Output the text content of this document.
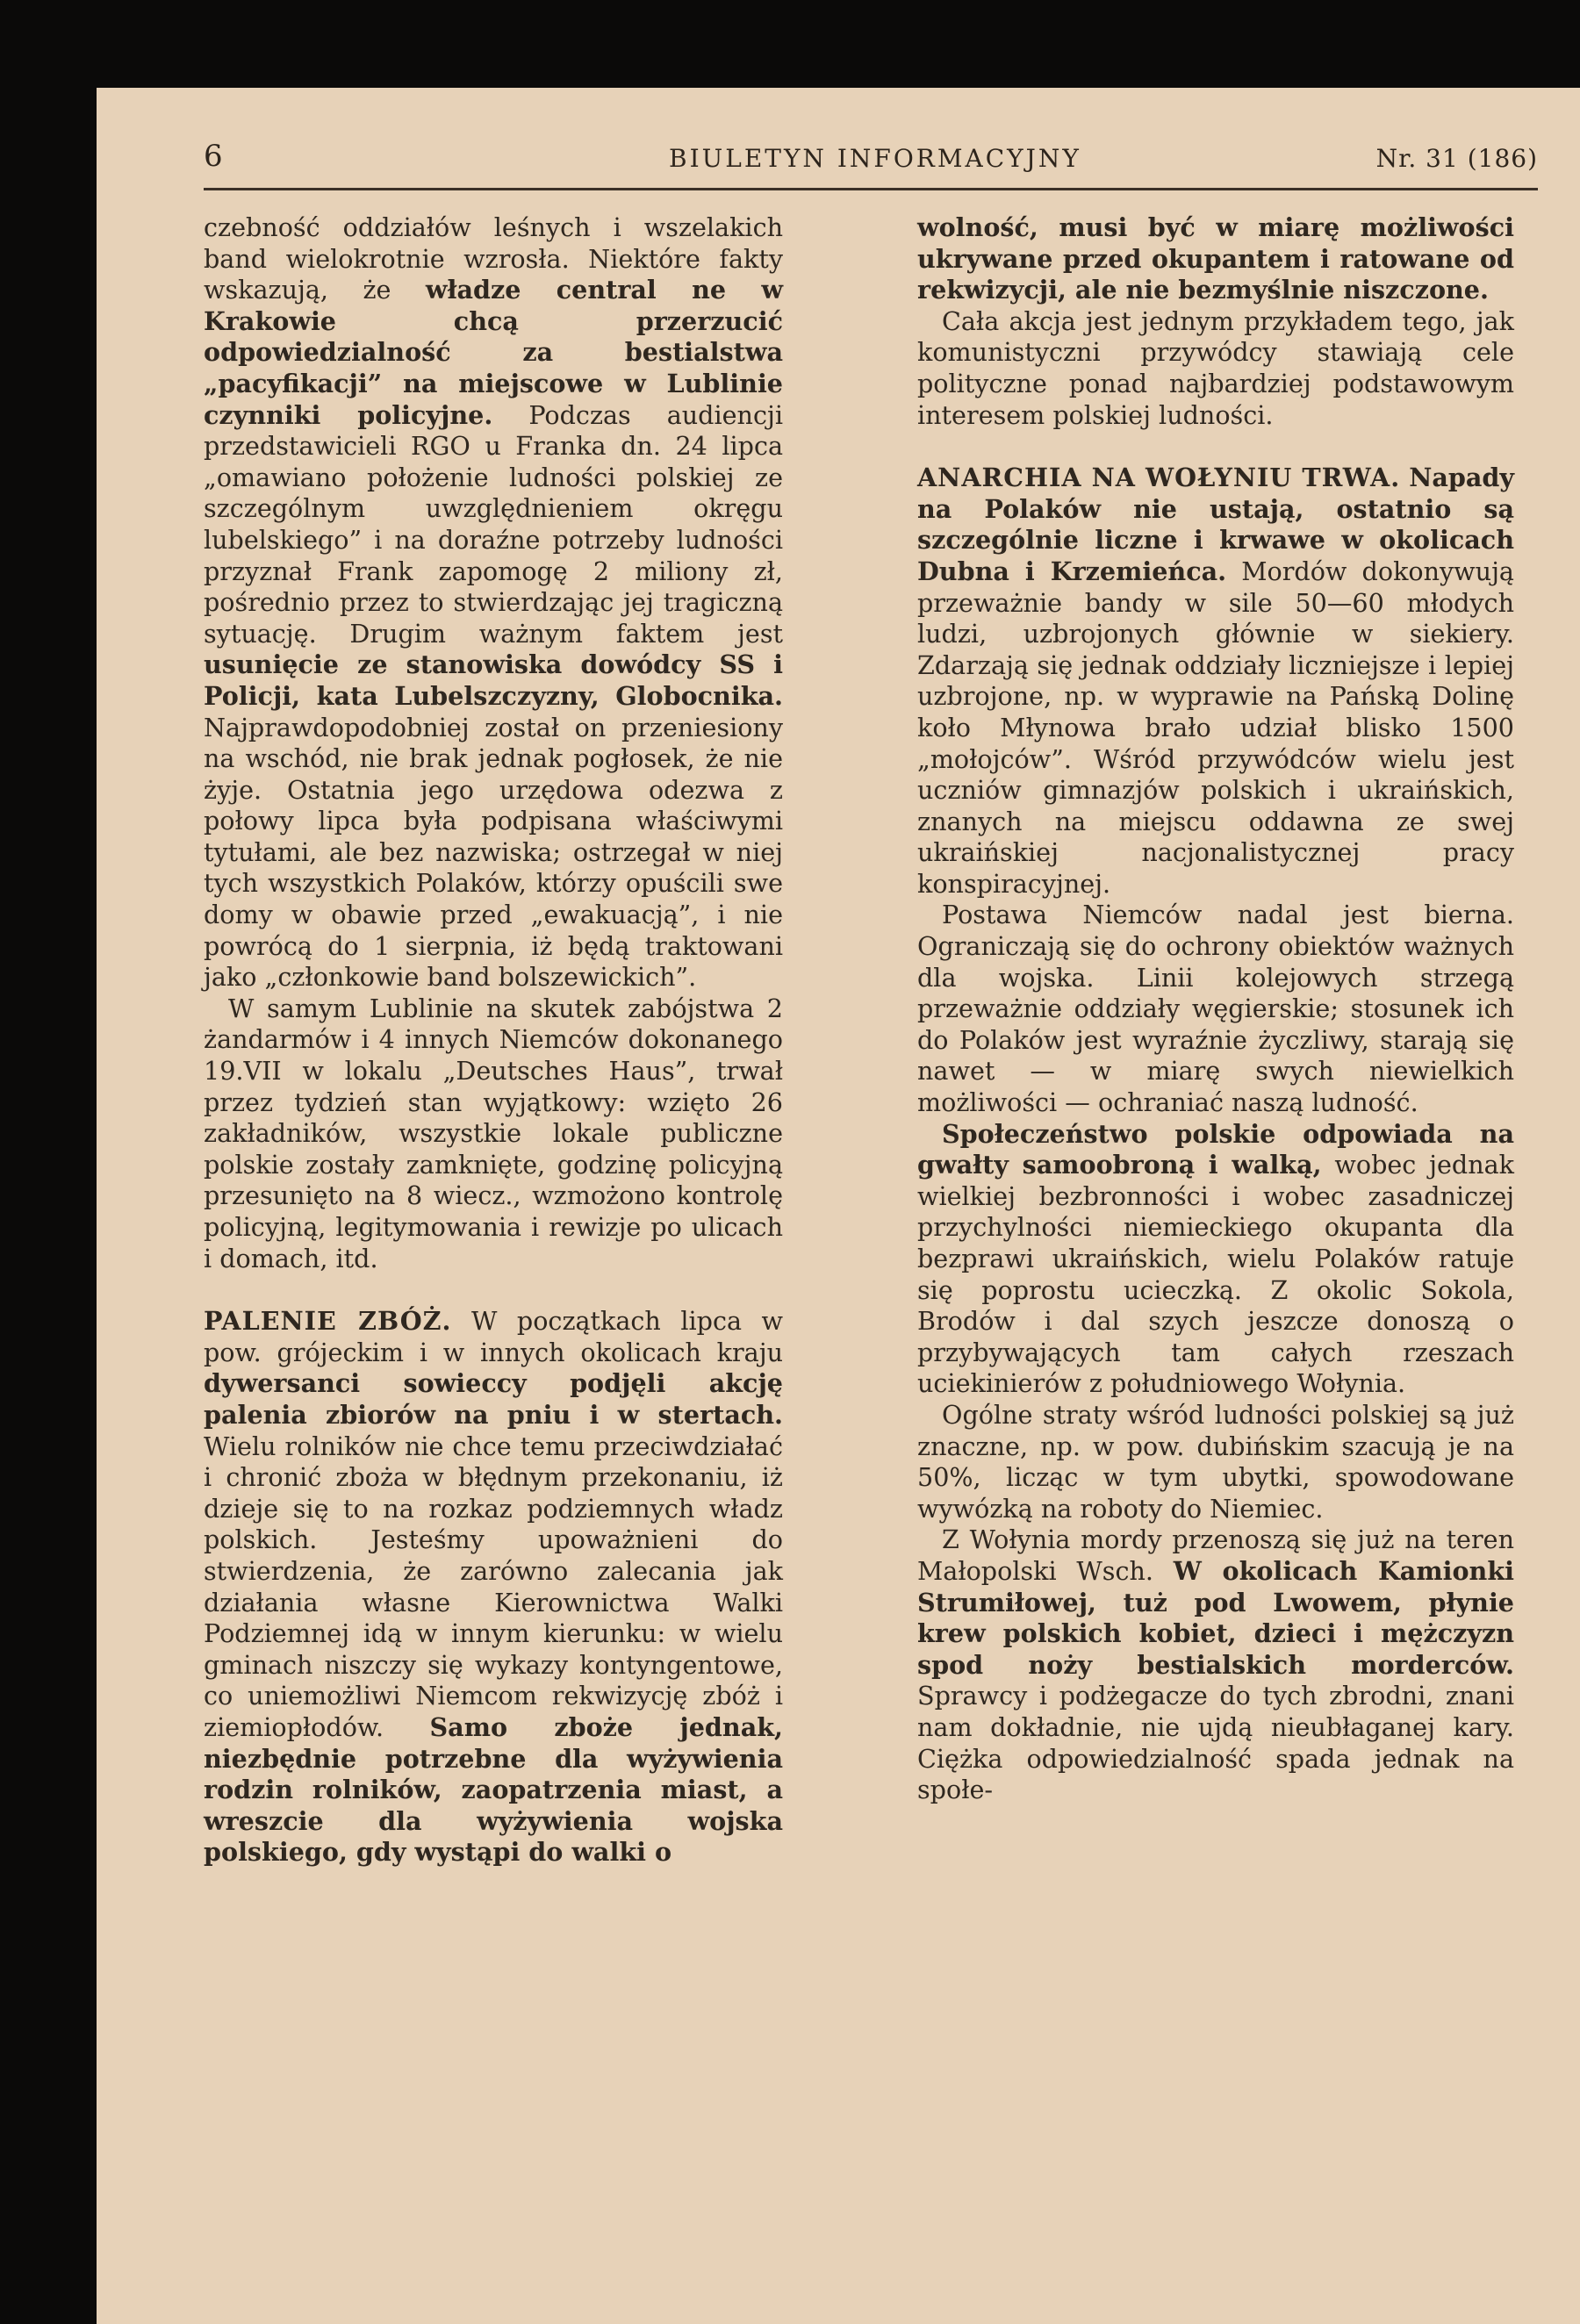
6	BIULETYN INFORMACYJNY	Nr. 31 (186)

czebność oddziałów leśnych i wszelakich band wielokrotnie wzrosła. Niektóre fakty wskazują, że władze central ne w Krakowie chcą przerzucić odpowiedzialność za bestialstwa „pacyfikacji” na miejscowe w Lublinie czynniki policyjne. Podczas audiencji przedstawicieli RGO u Franka dn. 24 lipca „omawiano położenie ludności polskiej ze szczególnym uwzględnieniem okręgu lubelskiego” i na doraźne potrzeby ludności przyznał Frank zapomogę 2 miliony zł, pośrednio przez to stwierdzając jej tragiczną sytuację. Drugim ważnym faktem jest usunięcie ze stanowiska dowódcy SS i Policji, kata Lubelszczyzny, Globocnika. Najprawdopodobniej został on przeniesiony na wschód, nie brak jednak pogłosek, że nie żyje. Ostatnia jego urzędowa odezwa z połowy lipca była podpisana właściwymi tytułami, ale bez nazwiska; ostrzegał w niej tych wszystkich Polaków, którzy opuścili swe domy w obawie przed „ewakuacją”, i nie powrócą do 1 sierpnia, iż będą traktowani jako „członkowie band bolszewickich”.

W samym Lublinie na skutek zabójstwa 2 żandarmów i 4 innych Niemców dokonanego 19.VII w lokalu „Deutsches Haus”, trwał przez tydzień stan wyjątkowy: wzięto 26 zakładników, wszystkie lokale publiczne polskie zostały zamknięte, godzinę policyjną przesunięto na 8 wiecz., wzmożono kontrolę policyjną, legitymowania i rewizje po ulicach i domach, itd.

PALENIE ZBÓŻ. W początkach lipca w pow. grójeckim i w innych okolicach kraju dywersanci sowieccy podjęli akcję palenia zbiorów na pniu i w stertach. Wielu rolników nie chce temu przeciwdziałać i chronić zboża w błędnym przekonaniu, iż dzieje się to na rozkaz podziemnych władz polskich. Jesteśmy upoważnieni do stwierdzenia, że zarówno zalecania jak działania własne Kierownictwa Walki Podziemnej idą w innym kierunku: w wielu gminach niszczy się wykazy kontyngentowe, co uniemożliwi Niemcom rekwizycję zbóż i ziemiopłodów. Samo zboże jednak, niezbędnie potrzebne dla wyżywienia rodzin rolników, zaopatrzenia miast, a wreszcie dla wyżywienia wojska polskiego, gdy wystąpi do walki o

wolność, musi być w miarę możliwości ukrywane przed okupantem i ratowane od rekwizycji, ale nie bezmyślnie niszczone.

Cała akcja jest jednym przykładem tego, jak komunistyczni przywódcy stawiają cele polityczne ponad najbardziej podstawowym interesem polskiej ludności.

ANARCHIA NA WOŁYNIU TRWA. Napady na Polaków nie ustają, ostatnio są szczególnie liczne i krwawe w okolicach Dubna i Krzemieńca. Mordów dokonywują przeważnie bandy w sile 50—60 młodych ludzi, uzbrojonych głównie w siekiery. Zdarzają się jednak oddziały liczniejsze i lepiej uzbrojone, np. w wyprawie na Pańską Dolinę koło Młynowa brało udział blisko 1500 „mołojców”. Wśród przywódców wielu jest uczniów gimnazjów polskich i ukraińskich, znanych na miejscu oddawna ze swej ukraińskiej nacjonalistycznej pracy konspiracyjnej.

Postawa Niemców nadal jest bierna. Ograniczają się do ochrony obiektów ważnych dla wojska. Linii kolejowych strzegą przeważnie oddziały węgierskie; stosunek ich do Polaków jest wyraźnie życzliwy, starają się nawet — w miarę swych niewielkich możliwości — ochraniać naszą ludność.

Społeczeństwo polskie odpowiada na gwałty samoobroną i walką, wobec jednak wielkiej bezbronności i wobec zasadniczej przychylności niemieckiego okupanta dla bezprawi ukraińskich, wielu Polaków ratuje się poprostu ucieczką. Z okolic Sokola, Brodów i dal szych jeszcze donoszą o przybywających tam całych rzeszach uciekinierów z południowego Wołynia.

Ogólne straty wśród ludności polskiej są już znaczne, np. w pow. dubińskim szacują je na 50%, licząc w tym ubytki, spowodowane wywózką na roboty do Niemiec.

Z Wołynia mordy przenoszą się już na teren Małopolski Wsch. W okolicach Kamionki Strumiłowej, tuż pod Lwowem, płynie krew polskich kobiet, dzieci i mężczyzn spod noży bestialskich morderców. Sprawcy i podżegacze do tych zbrodni, znani nam dokładnie, nie ujdą nieubłaganej kary. Ciężka odpowiedzialność spada jednak na społe-
